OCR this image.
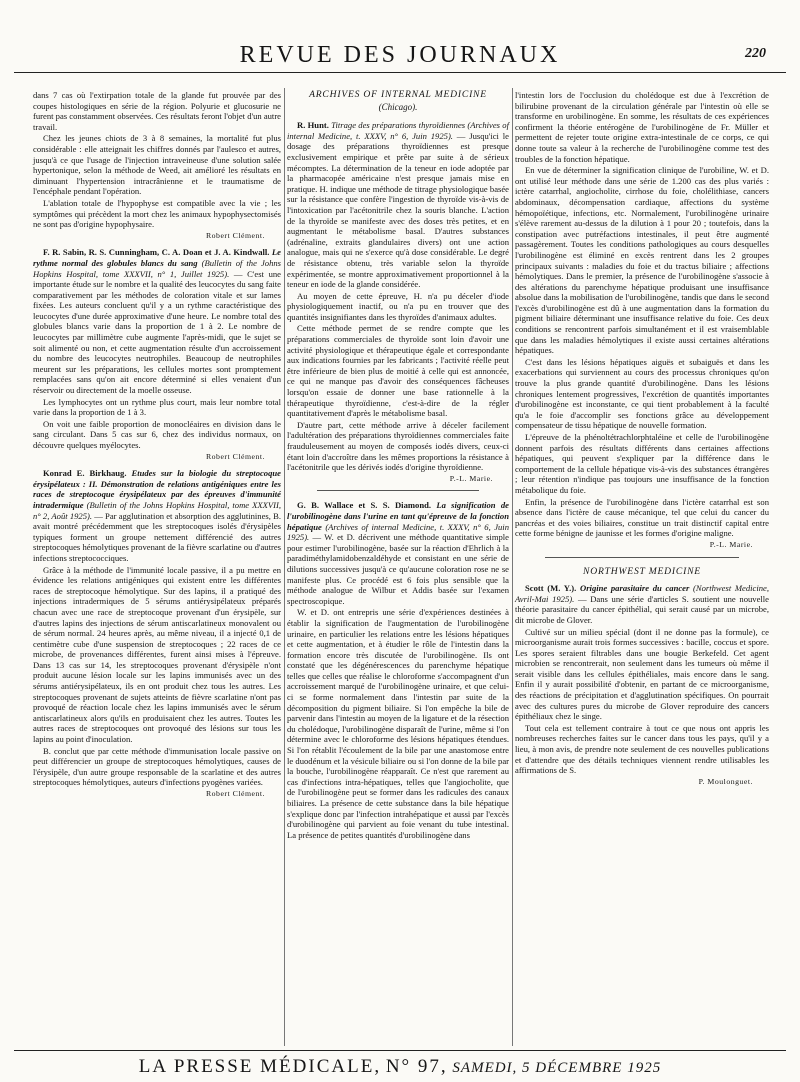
REVUE DES JOURNAUX	220

dans 7 cas où l'extirpation totale de la glande fut prouvée par des coupes histologiques en série de la région. Polyurie et glucosurie ne furent pas constamment observées. Ces résultats feront l'objet d'un autre travail.

Chez les jeunes chiots de 3 à 8 semaines, la mortalité fut plus considérable : elle atteignait les chiffres donnés par l'aulesco et autres, jusqu'à ce que l'usage de l'injection intraveineuse d'une solution salée hypertonique, selon la méthode de Weed, ait amélioré les résultats en diminuant l'hypertension intracrânienne et le traumatisme de l'encéphale pendant l'opération.

L'ablation totale de l'hypophyse est compatible avec la vie ; les symptômes qui précèdent la mort chez les animaux hypophysectomisés ne sont pas d'origine hypophysaire.

Robert Clément.

F. R. Sabin, R. S. Cunningham, C. A. Doan et J. A. Kindwall. Le rythme normal des globules blancs du sang (Bulletin of the Johns Hopkins Hospital, tome XXXVII, n° 1, Juillet 1925). — C'est une importante étude sur le nombre et la qualité des leucocytes du sang faite comparativement par les méthodes de coloration vitale et sur lames fixées. Les auteurs concluent qu'il y a un rythme caractéristique des leucocytes d'une durée approximative d'une heure. Le nombre total des globules blancs varie dans la proportion de 1 à 2. Le nombre de leucocytes par millimètre cube augmente l'après-midi, que le sujet se soit alimenté ou non, et cette augmentation résulte d'un accroissement du nombre des leucocytes neutrophiles. Beaucoup de neutrophiles meurent sur les préparations, les cellules mortes sont promptement remplacées sans qu'on ait encore déterminé si elles venaient d'un réservoir ou directement de la moelle osseuse.

Les lymphocytes ont un rythme plus court, mais leur nombre total varie dans la proportion de 1 à 3.

On voit une faible proportion de monocléaires en division dans le sang circulant. Dans 5 cas sur 6, chez des individus normaux, on découvre quelques myélocytes.

Robert Clément.

Konrad E. Birkhaug. Etudes sur la biologie du streptocoque érysipélateux : II. Démonstration de relations antigéniques entre les races de streptocoque érysipélateux par des épreuves d'immunité intradermique (Bulletin of the Johns Hopkins Hospital, tome XXXVII, n° 2, Août 1925). — Par agglutination et absorption des agglutinines, B. avait montré précédemment que les streptocoques isolés d'érysipèles typiques forment un groupe nettement différencié des autres streptocoques hémolytiques provenant de la fièvre scarlatine ou d'autres infections streptococciques.

Grâce à la méthode de l'immunité locale passive, il a pu mettre en évidence les relations antigéniques qui existent entre les différentes races de streptocoque hémolytique. Sur des lapins, il a pratiqué des injections intradermiques de 5 sérums antiérysipélateux préparés chacun avec une race de streptocoque provenant d'un érysipèle, sur d'autres lapins des injections de sérum antiscarlatineux monovalent ou de sérum normal. 24 heures après, au même niveau, il a injecté 0,1 de centimètre cube d'une suspension de streptocoques ; 22 races de ce microbe, de provenances différentes, furent ainsi mises à l'épreuve. Dans 13 cas sur 14, les streptocoques provenant d'érysipèle n'ont produit aucune lésion locale sur les lapins immunisés avec un des sérums antiérysipélateux, ils en ont produit chez tous les autres. Les streptocoques provenant de sujets atteints de fièvre scarlatine n'ont pas provoqué de réaction locale chez les lapins immunisés avec le sérum antiscarlatineux alors qu'ils en produisaient chez les autres. Toutes les autres races de streptocoques ont provoqué des lésions sur tous les lapins au point d'inoculation.

B. conclut que par cette méthode d'immunisation locale passive on peut différencier un groupe de streptocoques hémolytiques, causes de l'érysipèle, d'un autre groupe responsable de la scarlatine et des autres streptocoques hémolytiques, auteurs d'infections pyogènes variées.

Robert Clément.
ARCHIVES OF INTERNAL MEDICINE
(Chicago).

R. Hunt. Titrage des préparations thyroïdiennes (Archives of internal Medicine, t. XXXV, n° 6, Juin 1925). — Jusqu'ici le dosage des préparations thyroïdiennes est presque exclusivement empirique et prête par suite à de sérieux mécomptes. La détermination de la teneur en iode adoptée par la pharmacopée américaine n'est presque jamais mise en pratique. H. indique une méthode de titrage physiologique basée sur la résistance que confère l'ingestion de thyroïde vis-à-vis de l'intoxication par l'acétonitrile chez la souris blanche. L'action de la thyroïde se manifeste avec des doses très petites, et en augmentant le métabolisme basal. D'autres substances (adrénaline, extraits glandulaires divers) ont une action analogue, mais qui ne s'exerce qu'à dose considérable. Le degré de résistance obtenu, très variable selon la thyroïde expérimentée, se montre approximativement proportionnel à la teneur en iode de la glande considérée.

Au moyen de cette épreuve, H. n'a pu déceler d'iode physiologiquement inactif, ou n'a pu en trouver que des quantités insignifiantes dans les thyroïdes d'animaux adultes.

Cette méthode permet de se rendre compte que les préparations commerciales de thyroïde sont loin d'avoir une activité physiologique et thérapeutique égale et correspondante aux indications fournies par les fabricants ; l'activité réelle peut être inférieure de bien plus de moitié à celle qui est annoncée, ce qui ne manque pas d'avoir des conséquences fâcheuses lorsqu'on essaie de donner une base rationnelle à la thérapeutique thyroïdienne, c'est-à-dire de la régler quantitativement d'après le métabolisme basal.

D'autre part, cette méthode arrive à déceler facilement l'adultération des préparations thyroïdiennes commerciales faite frauduleusement au moyen de composés iodés divers, ceux-ci étant loin d'accroître dans les mêmes proportions la résistance à l'acétonitrile que les dérivés iodés d'origine thyroïdienne.

P.-L. Marie.

G. B. Wallace et S. S. Diamond. La signification de l'urobilinogène dans l'urine en tant qu'épreuve de la fonction hépatique (Archives of internal Medicine, t. XXXV, n° 6, Juin 1925). — W. et D. décrivent une méthode quantitative simple pour estimer l'urobilinogène, basée sur la réaction d'Ehrlich à la paradiméthylamidobenzaldéhyde et consistant en une série de dilutions successives jusqu'à ce qu'aucune coloration rose ne se manifeste plus. Ce procédé est 6 fois plus sensible que la méthode analogue de Wilbur et Addis basée sur l'examen spectroscopique.

W. et D. ont entrepris une série d'expériences destinées à établir la signification de l'augmentation de l'urobilinogène urinaire, en particulier les relations entre les lésions hépatiques et cette augmentation, et à étudier le rôle de l'intestin dans la formation encore très discutée de l'urobilinogène. Ils ont constaté que les dégénérescences du parenchyme hépatique telles que celles que réalise le chloroforme s'accompagnent d'un accroissement marqué de l'urobilinogène urinaire, et que celui-ci se forme normalement dans l'intestin par suite de la décomposition du pigment biliaire. Si l'on empêche la bile de parvenir dans l'intestin au moyen de la ligature et de la résection du cholédoque, l'urobilinogène disparaît de l'urine, même si l'on détermine avec le chloroforme des lésions hépatiques étendues. Si l'on rétablit l'écoulement de la bile par une anastomose entre le duodénum et la vésicule biliaire ou si l'on donne de la bile par la bouche, l'urobilinogène réapparaît. Ce n'est que rarement au cas d'infections intra-hépatiques, telles que l'angiocholite, que de l'urobilinogène peut se former dans les radicules des canaux biliaires. La présence de cette substance dans la bile hépatique s'explique donc par l'infection intrahépatique et aussi par l'excès d'urobilinogène qui parvient au foie venant du tube intestinal. La présence de petites quantités d'urobilinogène dans

l'intestin lors de l'occlusion du cholédoque est due à l'excrétion de bilirubine provenant de la circulation générale par l'intestin où elle se transforme en urobilinogène. En somme, les résultats de ces expériences confirment la théorie entérogène de l'urobilinogène de Fr. Müller et permettent de rejeter toute origine extra-intestinale de ce corps, ce qui donne toute sa valeur à la recherche de l'urobilinogène comme test des troubles de la fonction hépatique.

En vue de déterminer la signification clinique de l'urobiline, W. et D. ont utilisé leur méthode dans une série de 1.200 cas des plus variés : ictère catarrhal, angiocholite, cirrhose du foie, cholélithiase, cancers abdominaux, décompensation cardiaque, affections du système hémopoïétique, infections, etc. Normalement, l'urobilinogène urinaire s'élève rarement au-dessus de la dilution à 1 pour 20 ; toutefois, dans la constipation avec putréfactions intestinales, il peut être augmenté passagèrement. Toutes les conditions pathologiques au cours desquelles l'urobilinogène est éliminé en excès rentrent dans les 2 groupes principaux suivants : maladies du foie et du tractus biliaire ; affections hémolytiques. Dans le premier, la présence de l'urobilinogène s'associe à des altérations du parenchyme hépatique produisant une insuffisance absolue dans la mobilisation de l'urobilinogène, tandis que dans le second l'excès d'urobilinogène est dû à une augmentation dans la formation du pigment biliaire déterminant une insuffisance relative du foie. Ces deux conditions se rencontrent parfois simultanément et il est vraisemblable que dans les maladies hémolytiques il existe aussi certaines altérations hépatiques.

C'est dans les lésions hépatiques aiguës et subaiguës et dans les exacerbations qui surviennent au cours des processus chroniques qu'on trouve la plus grande quantité d'urobilinogène. Dans les lésions chroniques lentement progressives, l'excrétion de quantités importantes d'urobilinogène est inconstante, ce qui tient probablement à la faculté qu'a le foie d'accomplir ses fonctions grâce au développement compensateur de tissu hépatique de nouvelle formation.

L'épreuve de la phénoltétrachlorphtaléine et celle de l'urobilinogène donnent parfois des résultats différents dans certaines affections hépatiques, qui peuvent s'expliquer par la différence dans le comportement de la cellule hépatique vis-à-vis des substances étrangères ; leur rétention n'indique pas toujours une insuffisance de la fonction métabolique du foie.

Enfin, la présence de l'urobilinogène dans l'ictère catarrhal est son absence dans l'ictère de cause mécanique, tel que celui du cancer du pancréas et des voies biliaires, constitue un trait distinctif capital entre cette forme bénigne de jaunisse et les formes d'origine maligne.

P.-L. Marie.
NORTHWEST MEDICINE

Scott (M. Y.). Origine parasitaire du cancer (Northwest Medicine, Avril-Mai 1925). — Dans une série d'articles S. soutient une nouvelle théorie parasitaire du cancer épithélial, qui serait causé par un microbe, dit microbe de Glover.

Cultivé sur un milieu spécial (dont il ne donne pas la formule), ce microorganisme aurait trois formes successives : bacille, coccus et spore. Les spores seraient filtrables dans une bougie Berkefeld. Cet agent microbien se rencontrerait, non seulement dans les tumeurs où même il serait visible dans les cellules épithéliales, mais encore dans le sang. Enfin il y aurait possibilité d'obtenir, en partant de ce microorganisme, des réactions de précipitation et d'agglutination spécifiques. On pourrait avec des cultures pures du microbe de Glover reproduire des cancers épithéliaux chez le singe.

Tout cela est tellement contraire à tout ce que nous ont appris les nombreuses recherches faites sur le cancer dans tous les pays, qu'il y a lieu, à mon avis, de prendre note seulement de ces nouvelles publications et d'attendre que des détails techniques viennent rendre utilisables les affirmations de S.

P. Moulonguet.
LA PRESSE MÉDICALE, N° 97, SAMEDI, 5 DÉCEMBRE 1925
